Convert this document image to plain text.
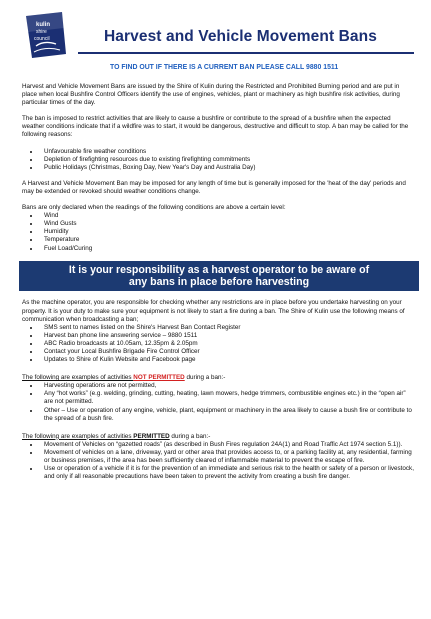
kulin
shire
council	Harvest and Vehicle Movement Bans
TO FIND OUT IF THERE IS A CURRENT BAN PLEASE CALL 9880 1511

Harvest and Vehicle Movement Bans are issued by the Shire of Kulin during the Restricted and Prohibited Burning period and are put in place when local Bushfire Control Officers identify the use of engines, vehicles, plant or machinery as high bushfire risk activities, during particular times of the day.

The ban is imposed to restrict activities that are likely to cause a bushfire or contribute to the spread of a bushfire when the expected weather conditions indicate that if a wildfire was to start, it would be dangerous, destructive and difficult to stop. A ban may be called for the following reasons:

• Unfavourable fire weather conditions
• Depletion of firefighting resources due to existing firefighting commitments
• Public Holidays (Christmas, Boxing Day, New Year's Day and Australia Day)

A Harvest and Vehicle Movement Ban may be imposed for any length of time but is generally imposed for the 'heat of the day' periods and may be extended or revoked should weather conditions change.

Bans are only declared when the readings of the following conditions are above a certain level:

• Wind
• Wind Gusts
• Humidity
• Temperature
• Fuel Load/Curing
It is your responsibility as a harvest operator to be aware of
any bans in place before harvesting

As the machine operator, you are responsible for checking whether any restrictions are in place before you undertake harvesting on your property. It is your duty to make sure your equipment is not likely to start a fire during a ban. The Shire of Kulin use the following means of communication when broadcasting a ban;

• SMS sent to names listed on the Shire's Harvest Ban Contact Register
• Harvest ban phone line answering service – 9880 1511
• ABC Radio broadcasts at 10.05am, 12.35pm & 2.05pm
• Contact your Local Bushfire Brigade Fire Control Officer
• Updates to Shire of Kulin Website and Facebook page

The following are examples of activities NOT PERMITTED during a ban:-

• Harvesting operations are not permitted,
• Any “hot works” (e.g. welding, grinding, cutting, heating, lawn mowers, hedge trimmers, combustible engines etc.) in the “open air” are not permitted.
• Other – Use or operation of any engine, vehicle, plant, equipment or machinery in the area likely to cause a bush fire or contribute to the spread of a bush fire.

The following are examples of activities PERMITTED during a ban:-

• Movement of Vehicles on “gazetted roads” (as described in Bush Fires regulation 24A(1) and Road Traffic Act 1974 section 5.1)).
• Movement of vehicles on a lane, driveway, yard or other area that provides access to, or a parking facility at, any residential, farming or business premises, if the area has been sufficiently cleared of inflammable material to prevent the escape of fire.
• Use or operation of a vehicle if it is for the prevention of an immediate and serious risk to the health or safety of a person or livestock, and only if all reasonable precautions have been taken to prevent the activity from creating a bush fire danger.
